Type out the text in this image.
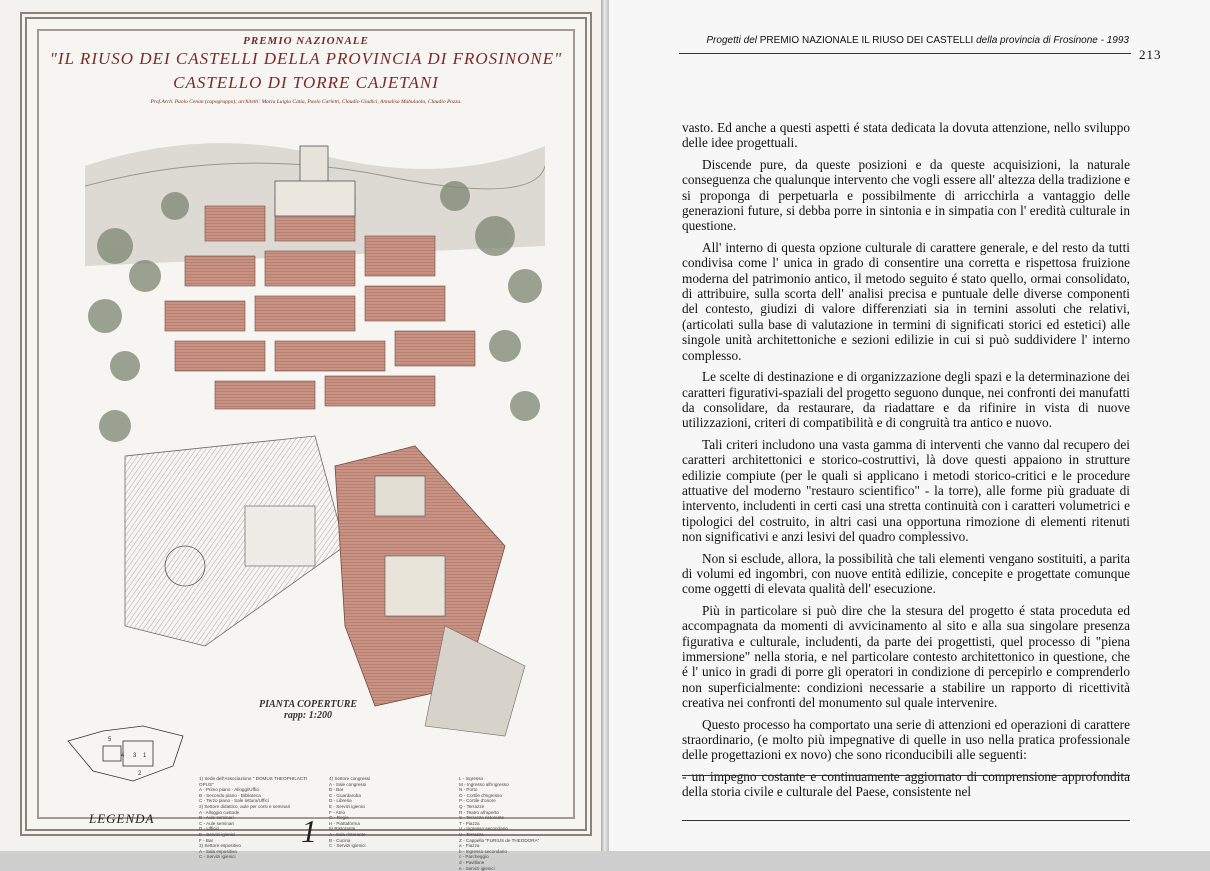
PREMIO NAZIONALE
"IL RIUSO DEI CASTELLI DELLA PROVINCIA DI FROSINONE"
CASTELLO DI TORRE CAJETANI
Prof.Arch. Paolo Cenan (capogruppo); architetti: Maria Luigia Catia, Paolo Carletti, Claudio Giudici, Annalisa Mabulaola, Claudio Pozza.
PIANTA COPERTURE
rapp: 1:200
5
4 3 1
2
1) Sede dell'Associazione " DOMUS THEOPHILACTI OPUS"
A - Primo piano - Alloggi/Uffici
B - Secondo piano - Biblioteca
C - Terzo piano - Sale lettura/Uffici
2) Settore didattico, aule per corsi e seminari
A - Alloggio custode
B - Aule seminari
C - Aule seminari
D - Ufficio
E - Servizi igienici
F - Bar
3) Settore espositivo
A - Sala espositiva
C - Servizi igienici
4) Settore congressi
A - Sale congressi
B - Bar
C - Guardaroba
D - Libreria
E - Servizi igienici
F - Atrio
G - Regia
H - Piattaforma
5) Ristorante
A - Sala ristorante
B - Cucina
C - Servizi igienici
L - Ingresso
M - Ingresso all'ingresso
N - Porto
O - Cortile d'ingresso
P - Cortile d'onore
Q - Terrazze
R - Teatro all'aperto
S - Terrazze ristorante
T - Piazza
U - Ingresso secondario
V - Terrazza
Z - Cappella "FURIUS de THEODORA"
a - Piazza
b - Ingresso secondario
c - Parcheggio
d - Pavillone
e - Servizi igienici
LEGENDA	1
Progetti del PREMIO NAZIONALE IL RIUSO DEI CASTELLI della provincia di Frosinone - 1993
213

vasto. Ed anche a questi aspetti é stata dedicata la dovuta attenzione, nello sviluppo delle idee progettuali.

Discende pure, da queste posizioni e da queste acquisizioni, la naturale conseguenza che qualunque intervento che vogli essere all' altezza della tradizione e si proponga di perpetuarla e possibilmente di arricchirla a vantaggio delle generazioni future, si debba porre in sintonia e in simpatia con l' eredità culturale in questione.

All' interno di questa opzione culturale di carattere generale, e del resto da tutti condivisa come l' unica in grado di consentire una corretta e rispettosa fruizione moderna del patrimonio antico, il metodo seguito é stato quello, ormai consolidato, di attribuire, sulla scorta dell' analisi precisa e puntuale delle diverse componenti del contesto, giudizi di valore differenziati sia in ternini assoluti che relativi, (articolati sulla base di valutazione in termini di significati storici ed estetici) alle singole unità architettoniche e sezioni edilizie in cui si può suddividere l' interno complesso.

Le scelte di destinazione e di organizzazione degli spazi e la determinazione dei caratteri figurativi-spaziali del progetto seguono dunque, nei confronti dei manufatti da consolidare, da restaurare, da riadattare e da rifinire in vista di nuove utilizzazioni, criteri di compatibilità e di congruità tra antico e nuovo.

Tali criteri includono una vasta gamma di interventi che vanno dal recupero dei caratteri architettonici e storico-costruttivi, là dove questi appaiono in strutture edilizie compiute (per le quali si applicano i metodi storico-critici e le procedure attuative del moderno "restauro scientifico" - la torre), alle forme più graduate di intervento, includenti in certi casi una stretta continuità con i caratteri volumetrici e tipologici del costruito, in altri casi una opportuna rimozione di elementi ritenuti non significativi e anzi lesivi del quadro complessivo.

Non si esclude, allora, la possibilità che tali elementi vengano sostituiti, a parita di volumi ed ingombri, con nuove entità edilizie, concepite e progettate comunque come oggetti di elevata qualità dell' esecuzione.

Più in particolare si può dire che la stesura del progetto é stata proceduta ed accompagnata da momenti di avvicinamento al sito e alla sua singolare presenza figurativa e culturale, includenti, da parte dei progettisti, quel processo di "piena immersione" nella storia, e nel particolare contesto architettonico in questione, che é l' unico in gradi di porre gli operatori in condizione di percepirlo e comprenderlo non superficialmente: condizioni necessarie a stabilire un rapporto di ricettività creativa nei confronti del monumento sul quale intervenire.

Questo processo ha comportato una serie di attenzioni ed operazioni di carattere straordinario, (e molto più impegnative di quelle in uso nella pratica professionale delle progettazioni ex novo) che sono riconducibili alle seguenti:

- un impegno costante e continuamente aggiornato di comprensione approfondita della storia civile e culturale del Paese, consistente nel
